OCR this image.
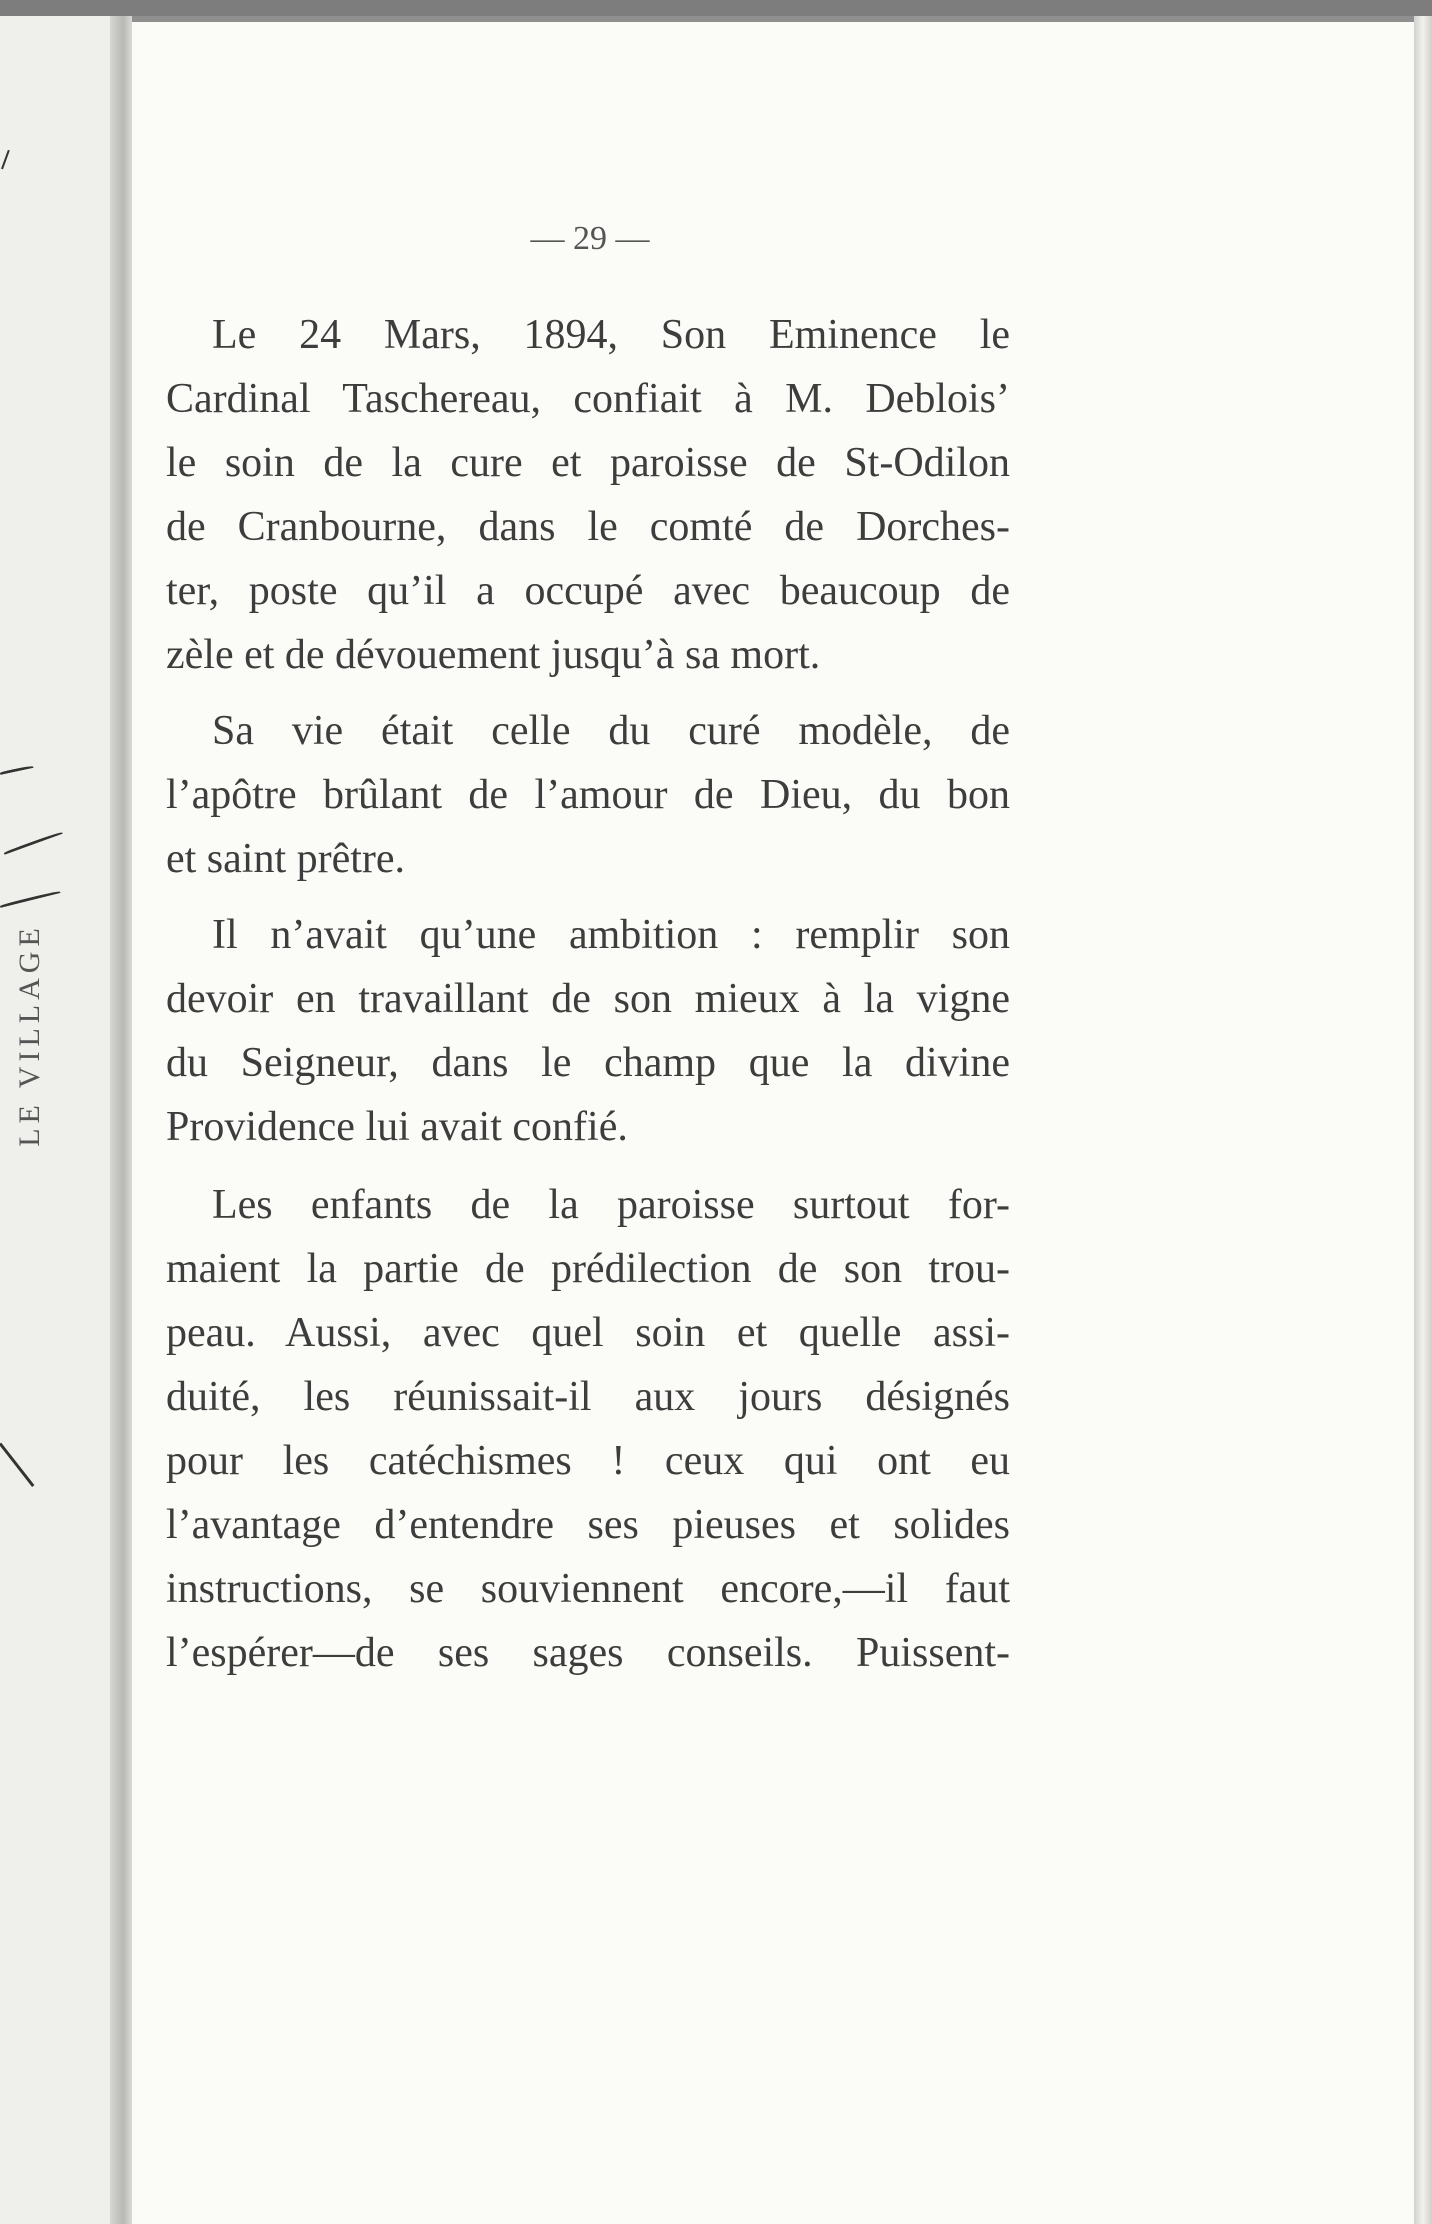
LE VILLAGE
— 29 —
Le 24 Mars, 1894, Son Eminence le
Cardinal Taschereau, confiait à M. Deblois’
le soin de la cure et paroisse de St-Odilon
de Cranbourne, dans le comté de Dorches-
ter, poste qu’il a occupé avec beaucoup de
zèle et de dévouement jusqu’à sa mort.
Sa vie était celle du curé modèle, de
l’apôtre brûlant de l’amour de Dieu, du bon
et saint prêtre.
Il n’avait qu’une ambition : remplir son
devoir en travaillant de son mieux à la vigne
du Seigneur, dans le champ que la divine
Providence lui avait confié.
Les enfants de la paroisse surtout for-
maient la partie de prédilection de son trou-
peau. Aussi, avec quel soin et quelle assi-
duité, les réunissait-il aux jours désignés
pour les catéchismes ! ceux qui ont eu
l’avantage d’entendre ses pieuses et solides
instructions, se souviennent encore,—il faut
l’espérer—de ses sages conseils. Puissent-
